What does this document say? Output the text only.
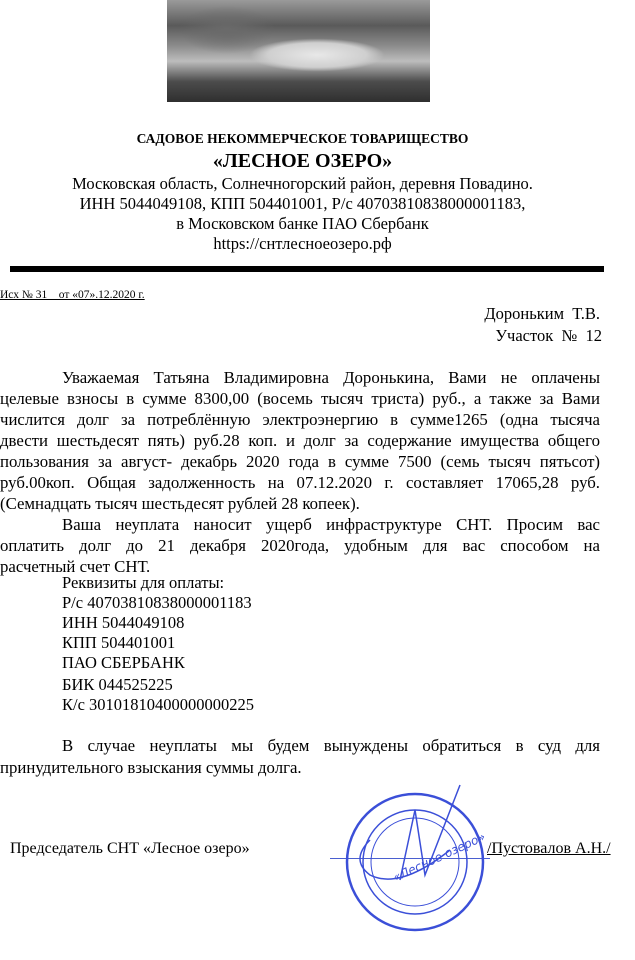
САДОВОЕ НЕКОММЕРЧЕСКОЕ ТОВАРИЩЕСТВО
«ЛЕСНОЕ ОЗЕРО»
Московская область, Солнечногорский район, деревня Повадино.
ИНН 5044049108, КПП 504401001, Р/с 40703810838000001183,
в Московском банке ПАО Сбербанк
https://снтлесноеозеро.рф
Исх № 31    от «07».12.2020 г.
Дороньким  Т.В.
Участок  №  12
Уважаемая Татьяна Владимировна Доронькина, Вами не оплачены
целевые взносы в сумме 8300,00 (восемь тысяч триста) руб., а также за Вами
числится долг за потреблённую электроэнергию в сумме1265 (одна тысяча
двести шестьдесят пять) руб.28 коп. и долг за содержание имущества общего
пользования за август- декабрь 2020 года в сумме 7500 (семь тысяч пятьсот)
руб.00коп. Общая задолженность на 07.12.2020 г. составляет 17065,28 руб.
(Семнадцать тысяч шестьдесят рублей 28 копеек).
Ваша неуплата наносит ущерб инфраструктуре СНТ. Просим вас
оплатить долг до 21 декабря 2020года, удобным для вас способом на
расчетный счет СНТ.
Реквизиты для оплаты:
Р/с 40703810838000001183
ИНН 5044049108
КПП 504401001
ПАО СБЕРБАНК
БИК 044525225
К/с 30101810400000000225
В случае неуплаты мы будем вынуждены обратиться в суд для
принудительного взыскания суммы долга.
Председатель СНТ «Лесное озеро»	«Лесное озеро» /Пустовалов А.Н./
